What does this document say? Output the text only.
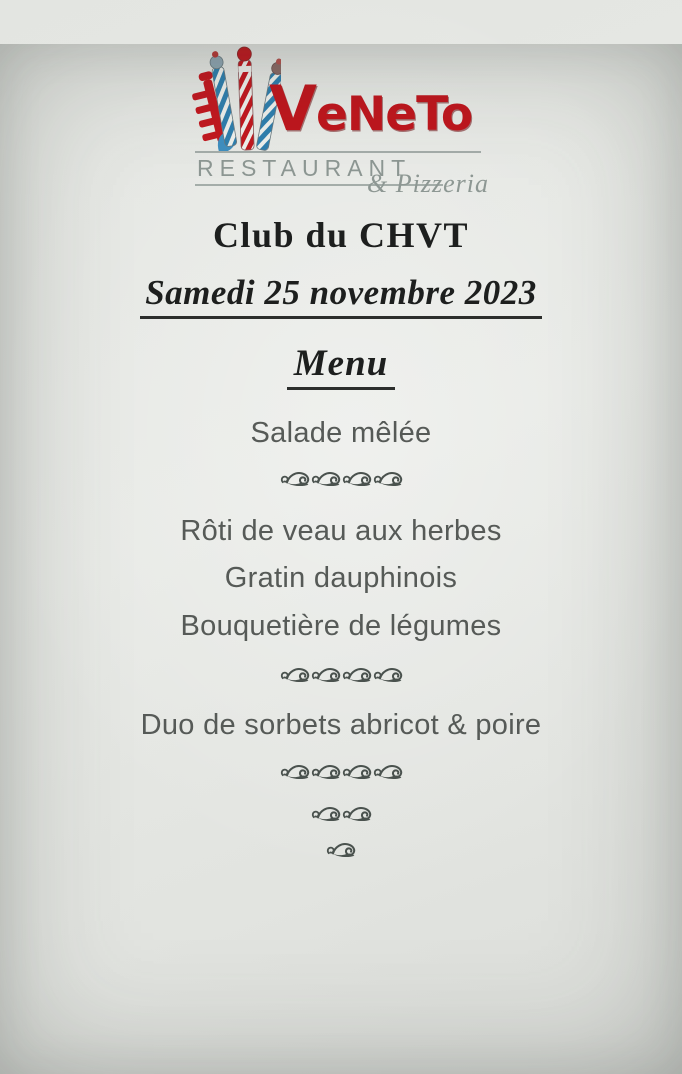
VeNeTo
RESTAURANT
& Pizzeria
Club du CHVT
Samedi 25 novembre 2023
Menu

Salade mêlée

Rôti de veau aux herbes

Gratin dauphinois

Bouquetière de légumes

Duo de sorbets abricot & poire
